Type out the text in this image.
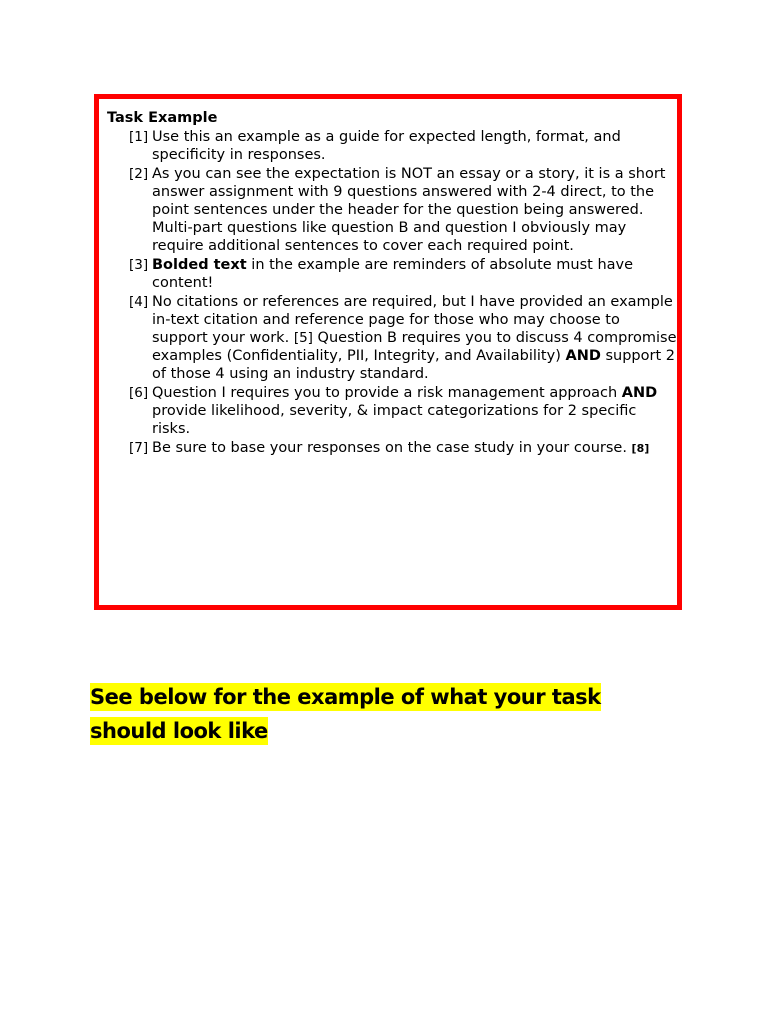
Task Example

[1] Use this an example as a guide for expected length, format, and specificity in responses.
[2] As you can see the expectation is NOT an essay or a story, it is a short answer assignment with 9 questions answered with 2-4 direct, to the point sentences under the header for the question being answered. Multi-part questions like question B and question I obviously may require additional sentences to cover each required point.
[3] Bolded text in the example are reminders of absolute must have content!
[4] No citations or references are required, but I have provided an example in-text citation and reference page for those who may choose to support your work. [5] Question B requires you to discuss 4 compromise examples (Confidentiality, PII, Integrity, and Availability) AND support 2 of those 4 using an industry standard.
[6] Question I requires you to provide a risk management approach AND provide likelihood, severity, & impact categorizations for 2 specific risks.
[7] Be sure to base your responses on the case study in your course. [8]

See below for the example of what your task should look like
